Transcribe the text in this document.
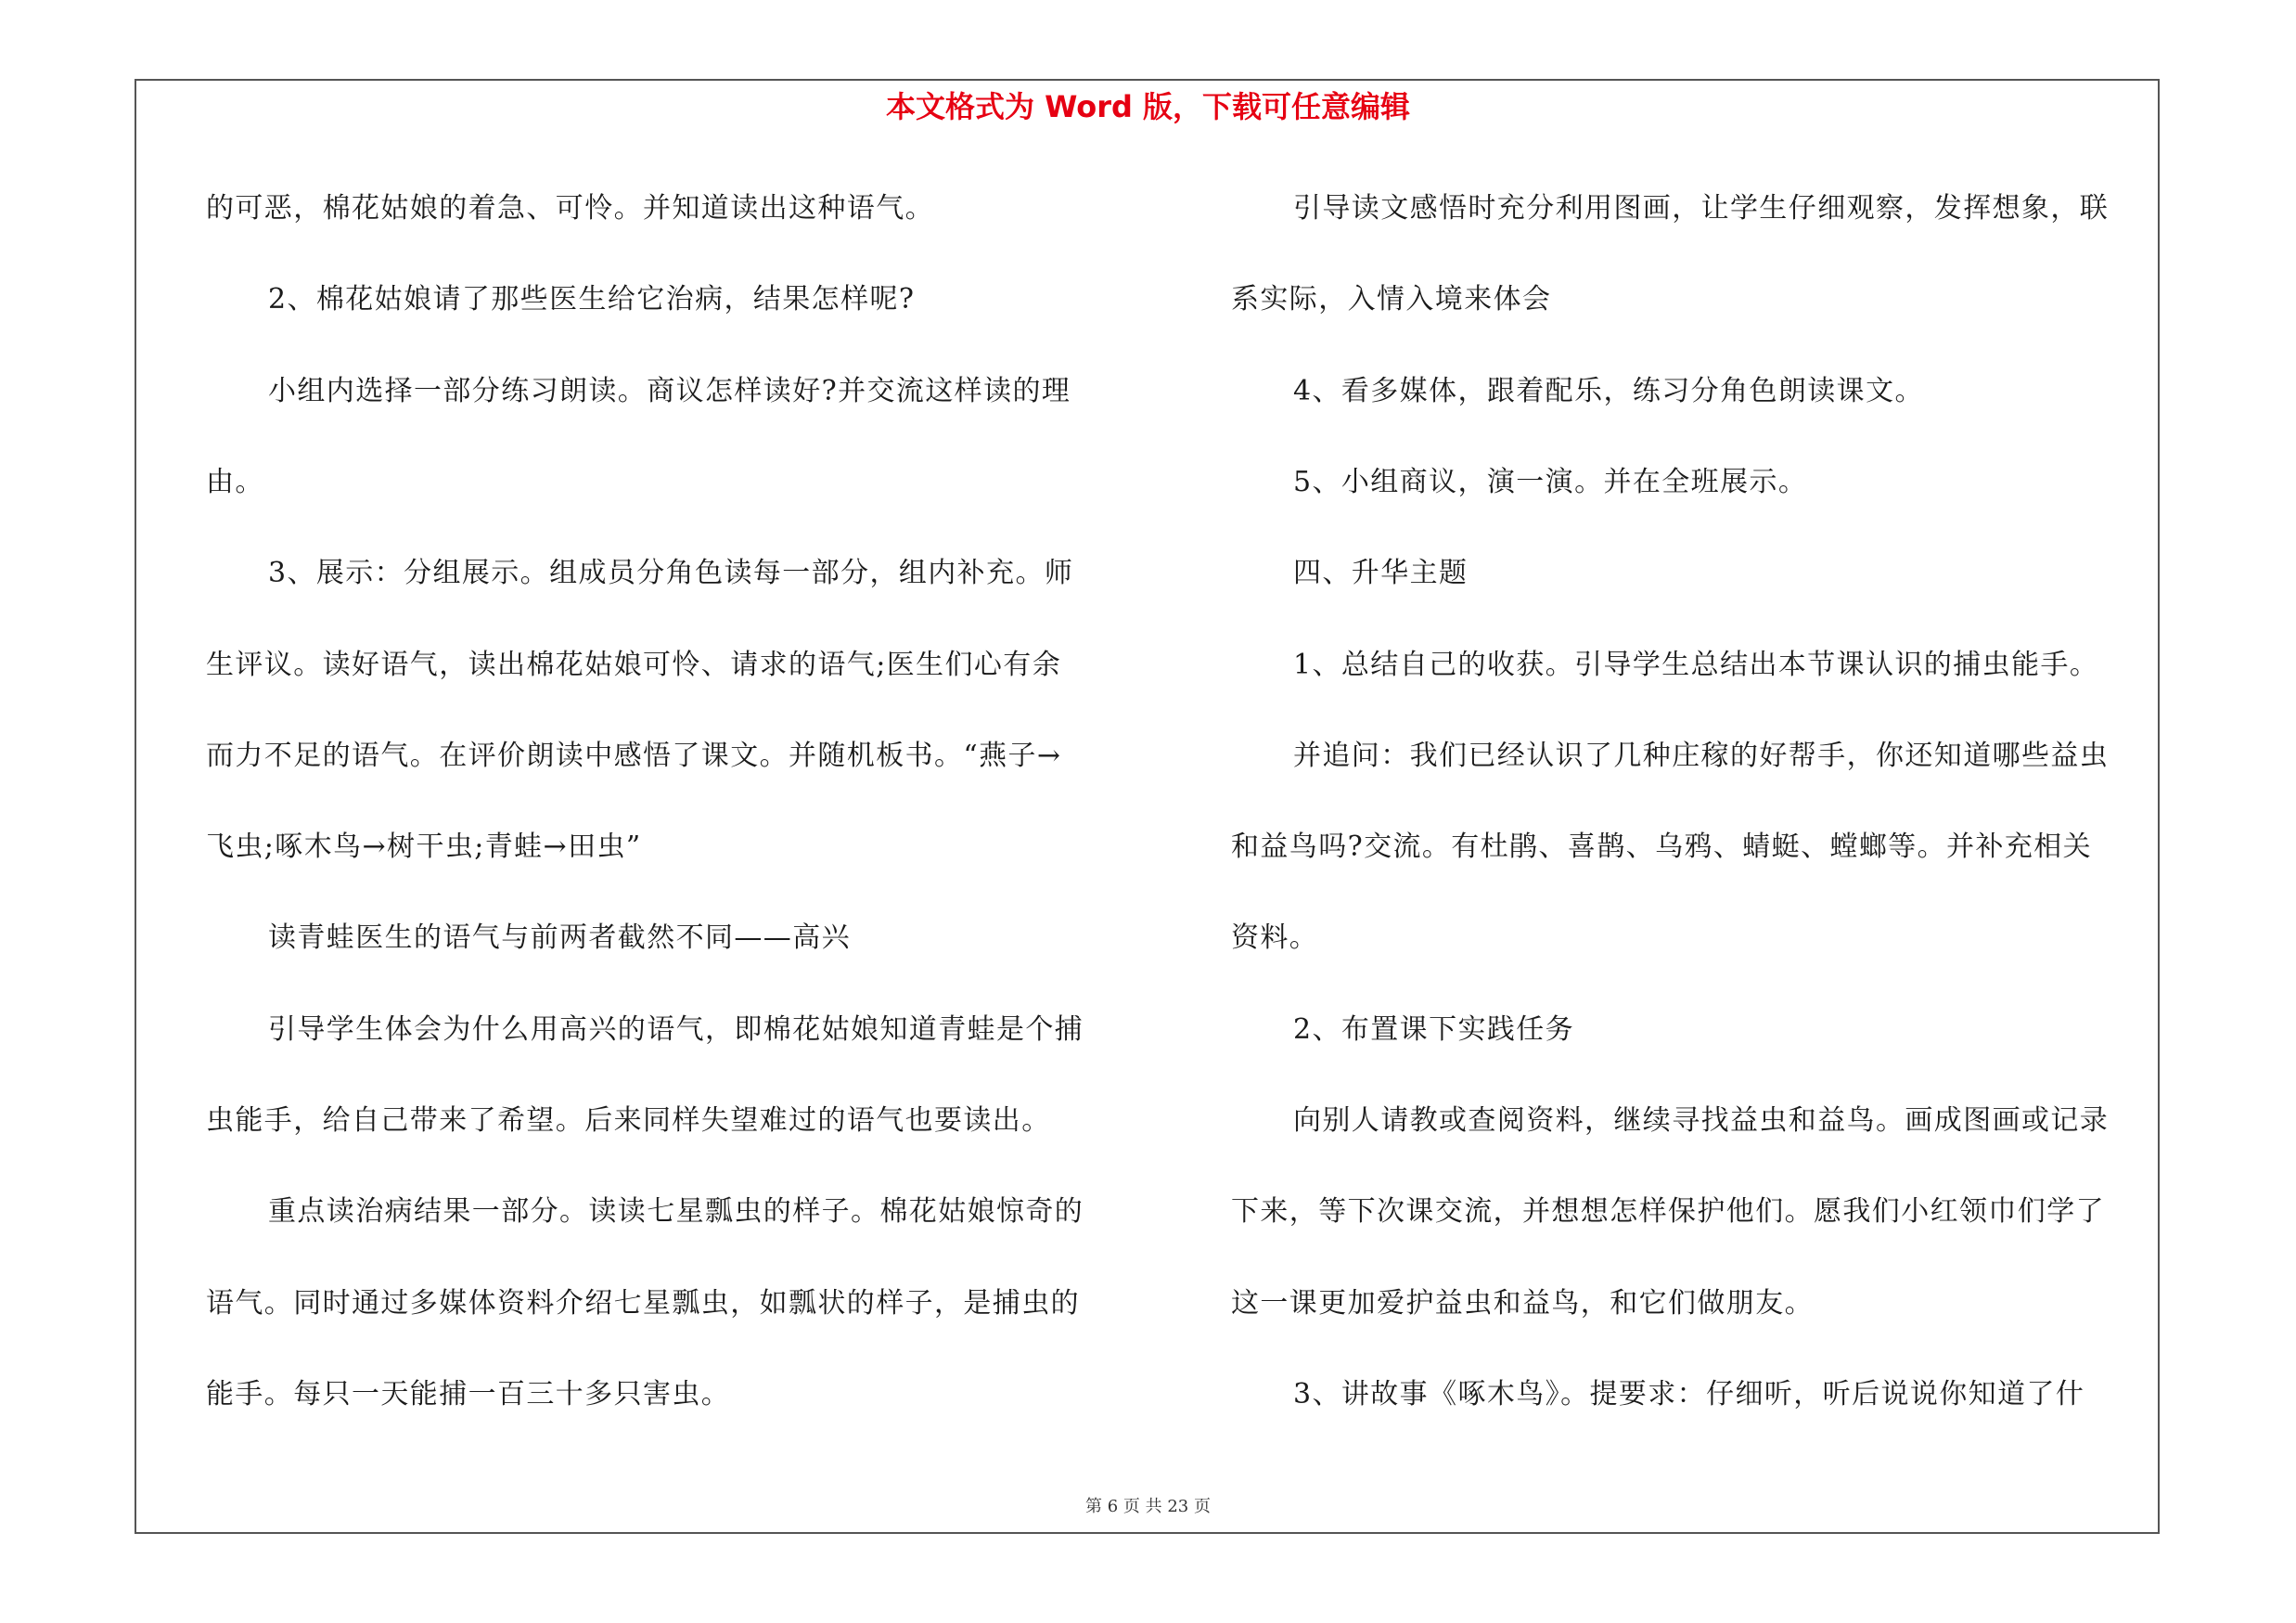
本文格式为 Word 版，下载可任意编辑
的可恶，棉花姑娘的着急、可怜。并知道读出这种语气。
2、棉花姑娘请了那些医生给它治病，结果怎样呢?
小组内选择一部分练习朗读。商议怎样读好?并交流这样读的理
由。
3、展示：分组展示。组成员分角色读每一部分，组内补充。师
生评议。读好语气，读出棉花姑娘可怜、请求的语气;医生们心有余
而力不足的语气。在评价朗读中感悟了课文。并随机板书。“燕子→
飞虫;啄木鸟→树干虫;青蛙→田虫”
读青蛙医生的语气与前两者截然不同——高兴
引导学生体会为什么用高兴的语气，即棉花姑娘知道青蛙是个捕
虫能手，给自己带来了希望。后来同样失望难过的语气也要读出。
重点读治病结果一部分。读读七星瓢虫的样子。棉花姑娘惊奇的
语气。同时通过多媒体资料介绍七星瓢虫，如瓢状的样子，是捕虫的
能手。每只一天能捕一百三十多只害虫。
引导读文感悟时充分利用图画，让学生仔细观察，发挥想象，联
系实际，入情入境来体会
4、看多媒体，跟着配乐，练习分角色朗读课文。
5、小组商议，演一演。并在全班展示。
四、升华主题
1、总结自己的收获。引导学生总结出本节课认识的捕虫能手。
并追问：我们已经认识了几种庄稼的好帮手，你还知道哪些益虫
和益鸟吗?交流。有杜鹃、喜鹊、乌鸦、蜻蜓、螳螂等。并补充相关
资料。
2、布置课下实践任务
向别人请教或查阅资料，继续寻找益虫和益鸟。画成图画或记录
下来，等下次课交流，并想想怎样保护他们。愿我们小红领巾们学了
这一课更加爱护益虫和益鸟，和它们做朋友。
3、讲故事《啄木鸟》。提要求：仔细听，听后说说你知道了什
第 6 页 共 23 页
